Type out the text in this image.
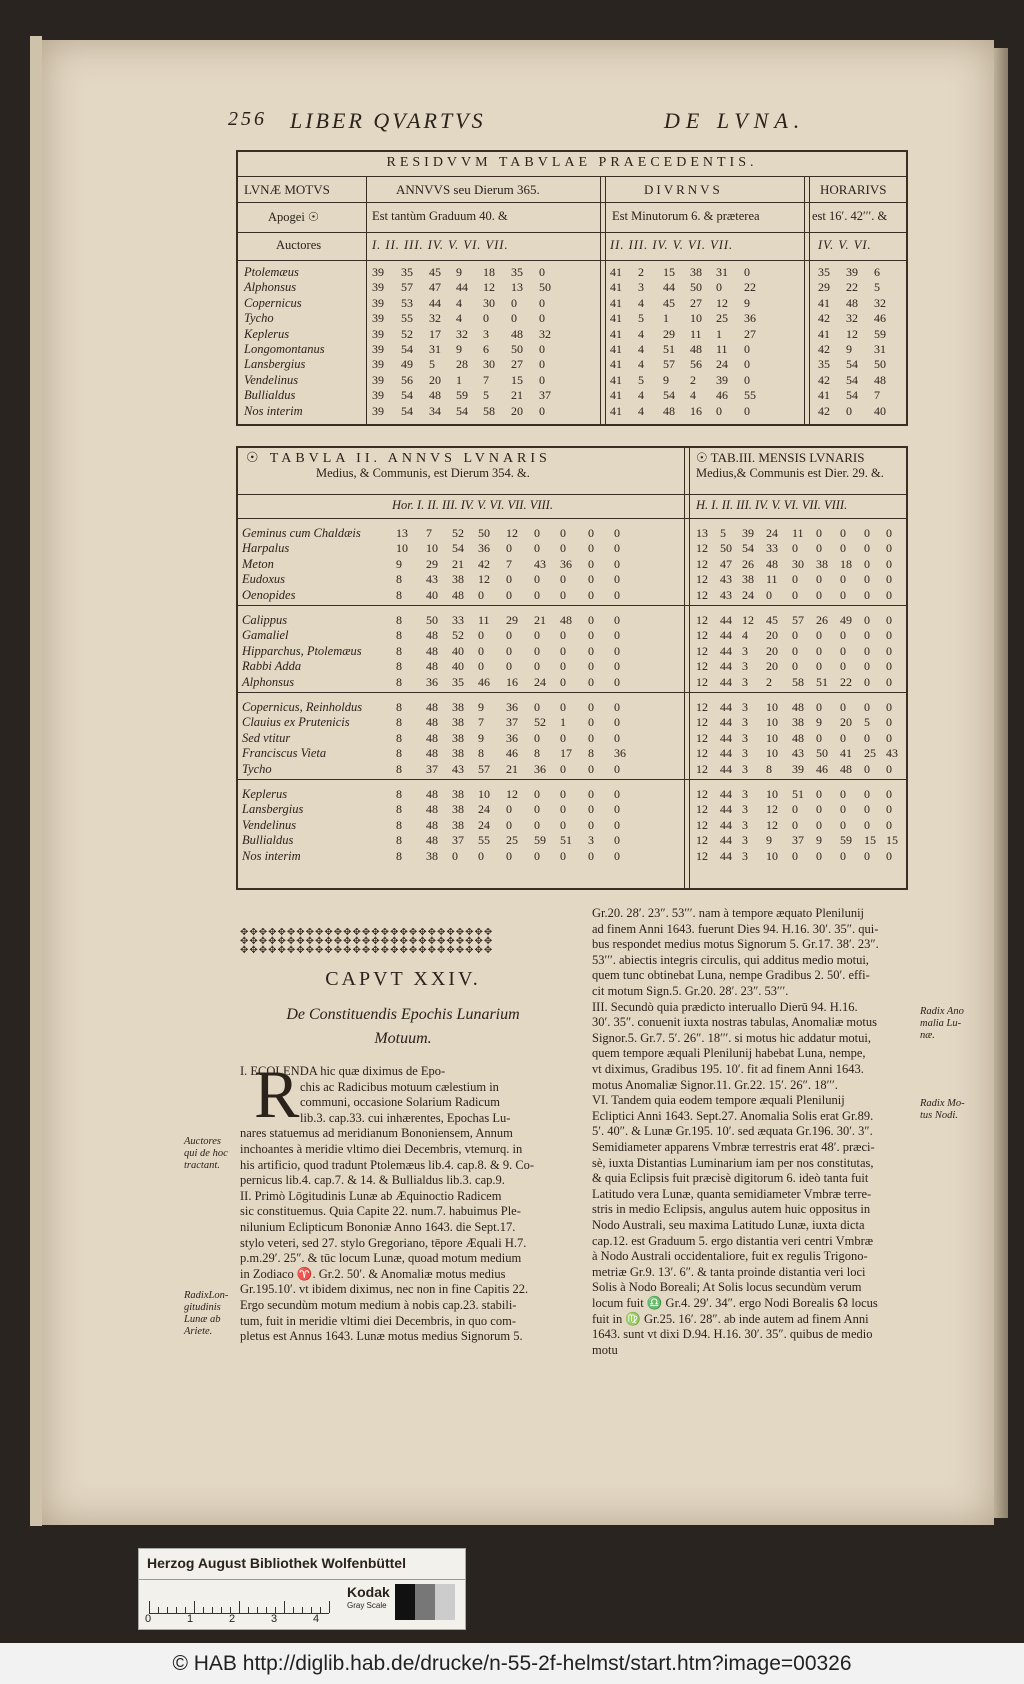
256 LIBER QVARTVS	DE LVNA.
RESIDVVM TABVLAE PRAECEDENTIS.
LVNÆ MOTVS	ANNVVS seu Dierum 365.	DIVRNVS	HORARIVS
Apogei ☉	Est tantùm Graduum 40. &	Est Minutorum 6. & præterea	est 16′. 42′′′. &
Auctores	I. II. III. IV. V. VI. VII.	II. III. IV. V. VI. VII.	IV. V. VI.
Ptolemæus	39 35 45 9 18 35 0	41 2 15 38 31 0	35 39 6
Alphonsus	39 57 47 44 12 13 50	41 3 44 50 0 22	29 22 5
Copernicus	39 53 44 4 30 0 0	41 4 45 27 12 9	41 48 32
Tycho	39 55 32 4 0 0 0	41 5 1 10 25 36	42 32 46
Keplerus	39 52 17 32 3 48 32	41 4 29 11 1 27	41 12 59
Longomontanus	39 54 31 9 6 50 0	41 4 51 48 11 0	42 9 31
Lansbergius	39 49 5 28 30 27 0	41 4 57 56 24 0	35 54 50
Vendelinus	39 56 20 1 7 15 0	41 5 9 2 39 0	42 54 48
Bullialdus	39 54 48 59 5 21 37	41 4 54 4 46 55	41 54 7
Nos interim	39 54 34 54 58 20 0	41 4 48 16 0 0	42 0 40
☉ TABVLA II. ANNVS LVNARIS
Medius, & Communis, est Dierum 354. &.
☉ TAB.III. MENSIS LVNARIS
Medius,& Communis est Dier. 29. &.
Hor. I. II. III. IV. V. VI. VII. VIII.	H. I. II. III. IV. V. VI. VII. VIII.
Geminus cum Chaldæis	13 7 52 50 12 0 0 0 0	13 5 39 24 11 0 0 0 0
Harpalus	10 10 54 36 0 0 0 0 0	12 50 54 33 0 0 0 0 0
Meton	9 29 21 42 7 43 36 0 0	12 47 26 48 30 38 18 0 0
Eudoxus	8 43 38 12 0 0 0 0 0	12 43 38 11 0 0 0 0 0
Oenopides	8 40 48 0 0 0 0 0 0	12 43 24 0 0 0 0 0 0
Calippus	8 50 33 11 29 21 48 0 0	12 44 12 45 57 26 49 0 0
Gamaliel	8 48 52 0 0 0 0 0 0	12 44 4 20 0 0 0 0 0
Hipparchus, Ptolemæus	8 48 40 0 0 0 0 0 0	12 44 3 20 0 0 0 0 0
Rabbi Adda	8 48 40 0 0 0 0 0 0	12 44 3 20 0 0 0 0 0
Alphonsus	8 36 35 46 16 24 0 0 0	12 44 3 2 58 51 22 0 0
Copernicus, Reinholdus	8 48 38 9 36 0 0 0 0	12 44 3 10 48 0 0 0 0
Clauius ex Prutenicis	8 48 38 7 37 52 1 0 0	12 44 3 10 38 9 20 5 0
Sed vtitur	8 48 38 9 36 0 0 0 0	12 44 3 10 48 0 0 0 0
Franciscus Vieta	8 48 38 8 46 8 17 8 36	12 44 3 10 43 50 41 25 43
Tycho	8 37 43 57 21 36 0 0 0	12 44 3 8 39 46 48 0 0
Keplerus	8 48 38 10 12 0 0 0 0	12 44 3 10 51 0 0 0 0
Lansbergius	8 48 38 24 0 0 0 0 0	12 44 3 12 0 0 0 0 0
Vendelinus	8 48 38 24 0 0 0 0 0	12 44 3 12 0 0 0 0 0
Bullialdus	8 48 37 55 25 59 51 3 0	12 44 3 9 37 9 59 15 15
Nos interim	8 38 0 0 0 0 0 0 0	12 44 3 10 0 0 0 0 0
✥✥✥✥✥✥✥✥✥✥✥✥✥✥✥✥✥✥✥✥✥✥✥✥✥✥✥
✥✥✥✥✥✥✥✥✥✥✥✥✥✥✥✥✥✥✥✥✥✥✥✥✥✥✥
✥✥✥✥✥✥✥✥✥✥✥✥✥✥✥✥✥✥✥✥✥✥✥✥✥✥✥
CAPVT XXIV.
De Constituendis Epochis Lunarium
Motuum.
R
I. ECOLENDA hic quæ diximus de Epo-
chis ac Radicibus motuum cælestium in
communi, occasione Solarium Radicum
lib.3. cap.33. cui inhærentes, Epochas Lu-
nares statuemus ad meridianum Bononiensem, Annum
inchoantes à meridie vltimo diei Decembris, vtemurq. in
his artificio, quod tradunt Ptolemæus lib.4. cap.8. & 9. Co-
pernicus lib.4. cap.7. & 14. & Bullialdus lib.3. cap.9.
II. Primò Lōgitudinis Lunæ ab Æquinoctio Radicem
sic constituemus. Quia Capite 22. num.7. habuimus Ple-
nilunium Eclipticum Bononiæ Anno 1643. die Sept.17.
stylo veteri, sed 27. stylo Gregoriano, tēpore Æquali H.7.
p.m.29′. 25″. & tūc locum Lunæ, quoad motum medium
in Zodiaco ♈. Gr.2. 50′. & Anomaliæ motus medius
Gr.195.10′. vt ibidem diximus, nec non in fine Capitis 22.
Ergo secundùm motum medium à nobis cap.23. stabili-
tum, fuit in meridie vltimi diei Decembris, in quo com-
pletus est Annus 1643. Lunæ motus medius Signorum 5.
Gr.20. 28′. 23″. 53′′′. nam à tempore æquato Plenilunij
ad finem Anni 1643. fuerunt Dies 94. H.16. 30′. 35″. qui-
bus respondet medius motus Signorum 5. Gr.17. 38′. 23″.
53′′′. abiectis integris circulis, qui additus medio motui,
quem tunc obtinebat Luna, nempe Gradibus 2. 50′. effi-
cit motum Sign.5. Gr.20. 28′. 23″. 53′′′.
III. Secundò quia prædicto interuallo Dierū 94. H.16.
30′. 35″. conuenit iuxta nostras tabulas, Anomaliæ motus
Signor.5. Gr.7. 5′. 26″. 18′′′. si motus hic addatur motui,
quem tempore æquali Plenilunij habebat Luna, nempe,
vt diximus, Gradibus 195. 10′. fit ad finem Anni 1643.
motus Anomaliæ Signor.11. Gr.22. 15′. 26″. 18′′′.
VI. Tandem quia eodem tempore æquali Plenilunij
Ecliptici Anni 1643. Sept.27. Anomalia Solis erat Gr.89.
5′. 40″. & Lunæ Gr.195. 10′. sed æquata Gr.196. 30′. 3″.
Semidiameter apparens Vmbræ terrestris erat 48′. præci-
sè, iuxta Distantias Luminarium iam per nos constitutas,
& quia Eclipsis fuit præcisè digitorum 6. ideò tanta fuit
Latitudo vera Lunæ, quanta semidiameter Vmbræ terre-
stris in medio Eclipsis, angulus autem huic oppositus in
Nodo Australi, seu maxima Latitudo Lunæ, iuxta dicta
cap.12. est Graduum 5. ergo distantia veri centri Vmbræ
à Nodo Australi occidentaliore, fuit ex regulis Trigono-
metriæ Gr.9. 13′. 6″. & tanta proinde distantia veri loci
Solis à Nodo Boreali; At Solis locus secundùm verum
locum fuit ♎ Gr.4. 29′. 34″. ergo Nodi Borealis ☊ locus
fuit in ♍ Gr.25. 16′. 28″. ab inde autem ad finem Anni
1643. sunt vt dixi D.94. H.16. 30′. 35″. quibus de medio
motu
Auctores
qui de hoc
tractant.
RadixLon-
gitudinis
Lunæ ab
Ariete.
Radix Ano
malia Lu-
næ.
Radix Mo-
tus Nodi.
Herzog August Bibliothek Wolfenbüttel
Kodak
Gray Scale
0	1	2	3	4
© HAB http://diglib.hab.de/drucke/n-55-2f-helmst/start.htm?image=00326
